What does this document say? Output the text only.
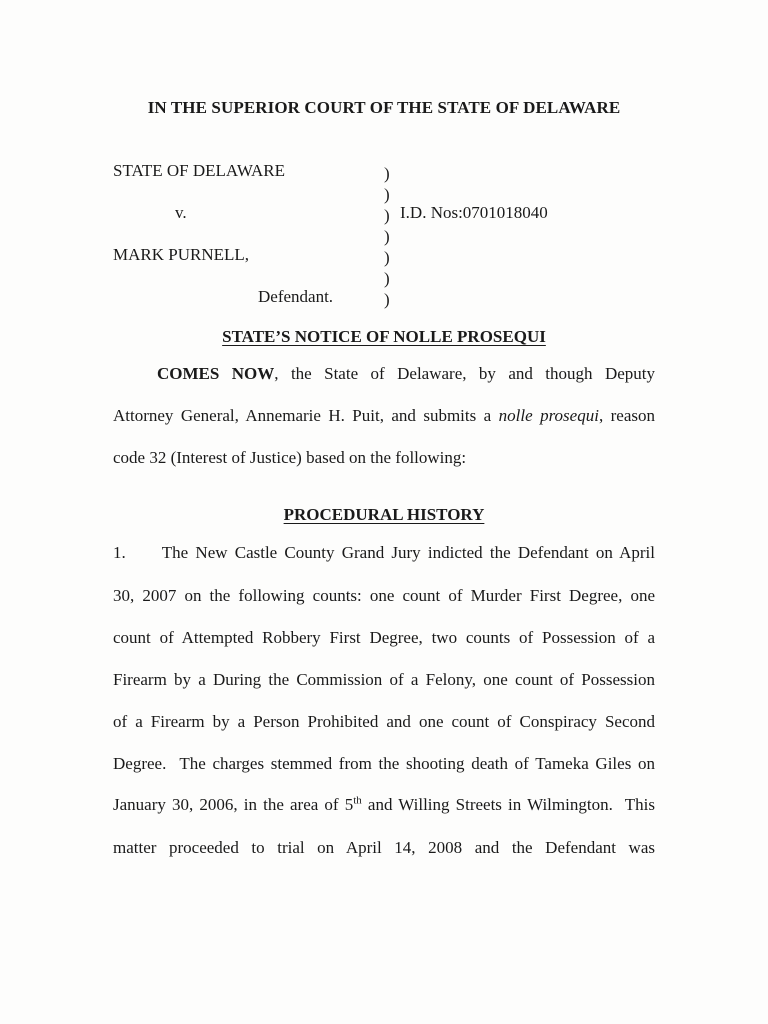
IN THE SUPERIOR COURT OF THE STATE OF DELAWARE
STATE OF DELAWARE
v.
MARK PURNELL,
Defendant.
)
)
)
)
)
)
)
I.D. Nos:0701018040
STATE’S NOTICE OF NOLLE PROSEQUI
COMES NOW, the State of Delaware, by and though Deputy
Attorney General, Annemarie H. Puit, and submits a nolle prosequi, reason
code 32 (Interest of Justice) based on the following:
PROCEDURAL HISTORY
1.     The New Castle County Grand Jury indicted the Defendant on April
30, 2007 on the following counts: one count of Murder First Degree, one
count of Attempted Robbery First Degree, two counts of Possession of a
Firearm by a During the Commission of a Felony, one count of Possession
of a Firearm by a Person Prohibited and one count of Conspiracy Second
Degree.  The charges stemmed from the shooting death of Tameka Giles on
January 30, 2006, in the area of 5th and Willing Streets in Wilmington.  This
matter proceeded to trial on April 14, 2008 and the Defendant was
